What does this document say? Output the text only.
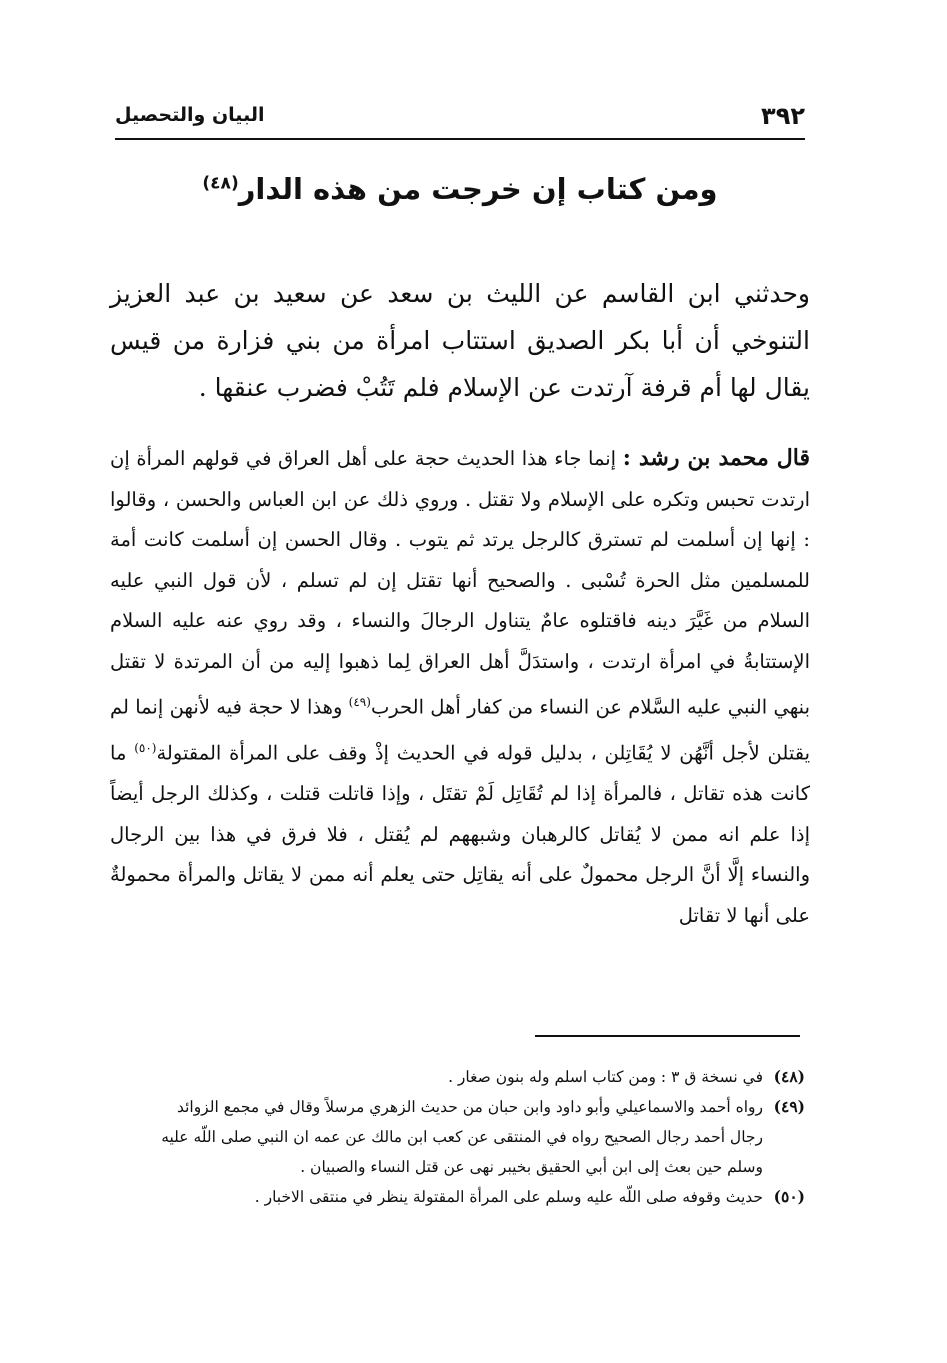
٣٩٢
البيان والتحصيل
ومن كتاب إن خرجت من هذه الدار$^{(٤٨)}$
وحدثني ابن القاسم عن الليث بن سعد عن سعيد بن عبد العزيز التنوخي أن أبا بكر الصديق استتاب امرأة من بني فزارة من قيس يقال لها أم قرفة آرتدت عن الإسلام فلم تَتُبْ فضرب عنقها .
قال محمد بن رشد : إنما جاء هذا الحديث حجة على أهل العراق في قولهم المرأة إن ارتدت تحبس وتكره على الإسلام ولا تقتل . وروي ذلك عن ابن العباس والحسن ، وقالوا : إنها إن أسلمت لم تسترق كالرجل يرتد ثم يتوب . وقال الحسن إن أسلمت كانت أمة للمسلمين مثل الحرة تُسْبى . والصحيح أنها تقتل إن لم تسلم ، لأن قول النبي عليه السلام من غَيَّرَ دينه فاقتلوه عامٌ يتناول الرجالَ والنساء ، وقد روي عنه عليه السلام الإستتابةُ في امرأة ارتدت ، واستدَلَّ أهل العراق لِما ذهبوا إليه من أن المرتدة لا تقتل بنهي النبي عليه السَّلام عن النساء من كفار أهل الحرب$^{(٤٩)}$ وهذا لا حجة فيه لأنهن إنما لم يقتلن لأجل أنَّهُن لا يُقَاتِلن ، بدليل قوله في الحديث إذْ وقف على المرأة المقتولة$^{(٥٠)}$ ما كانت هذه تقاتل ، فالمرأة إذا لم تُقَاتِل لَمْ تقتَل ، وإذا قاتلت قتلت ، وكذلك الرجل أيضاً إذا علم انه ممن لا يُقاتل كالرهبان وشبههم لم يُقتل ، فلا فرق في هذا بين الرجال والنساء إلَّا أنَّ الرجل محمولٌ على أنه يقاتِل حتى يعلم أنه ممن لا يقاتل والمرأة محمولةٌ على أنها لا تقاتل
(٤٨)
في نسخة ق ٣ : ومن كتاب اسلم وله بنون صغار .
(٤٩)
رواه أحمد والاسماعيلي وأبو داود وابن حبان من حديث الزهري مرسلاً وقال في مجمع الزوائد رجال أحمد رجال الصحيح رواه في المنتقى عن كعب ابن مالك عن عمه ان النبي صلى اللّه عليه وسلم حين بعث إلى ابن أبي الحقيق بخيبر نهى عن قتل النساء والصبيان .
(٥٠)
حديث وقوفه صلى اللّه عليه وسلم على المرأة المقتولة ينظر في منتقى الاخبار .
